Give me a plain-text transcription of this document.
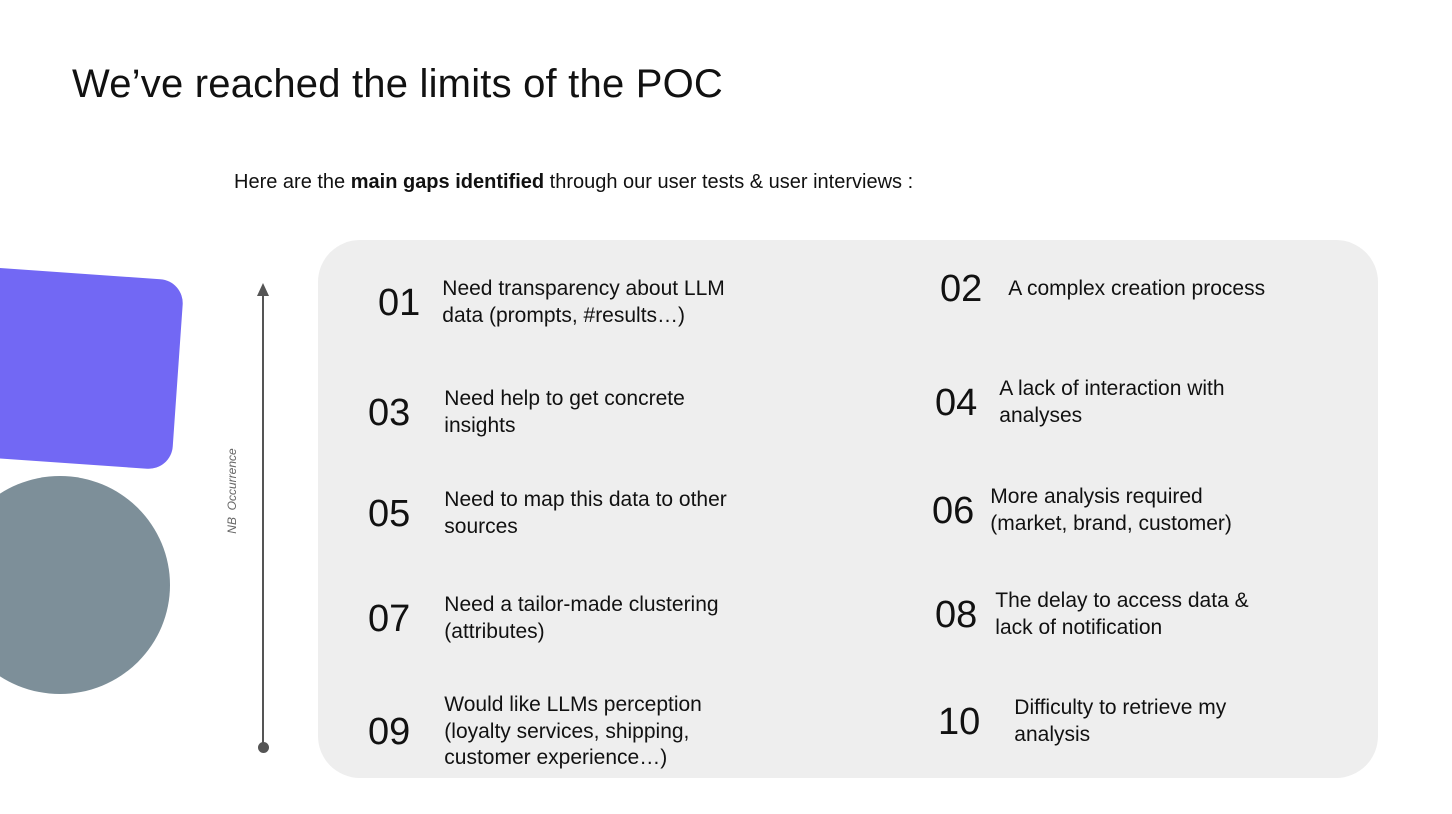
We’ve reached the limits of the POC
Here are the main gaps identified through our user tests & user interviews :
NB  Occurrence
01 Need transparency about LLM
data (prompts, #results…)
02 A complex creation process
03 Need help to get concrete
insights
04 A lack of interaction with
analyses
05 Need to map this data to other
sources	06 More analysis required
(market, brand, customer)
07 Need a tailor-made clustering
(attributes)	08 The delay to access data &
lack of notification
09
Would like LLMs perception
(loyalty services, shipping,
customer experience…)
10 Difficulty to retrieve my
analysis
